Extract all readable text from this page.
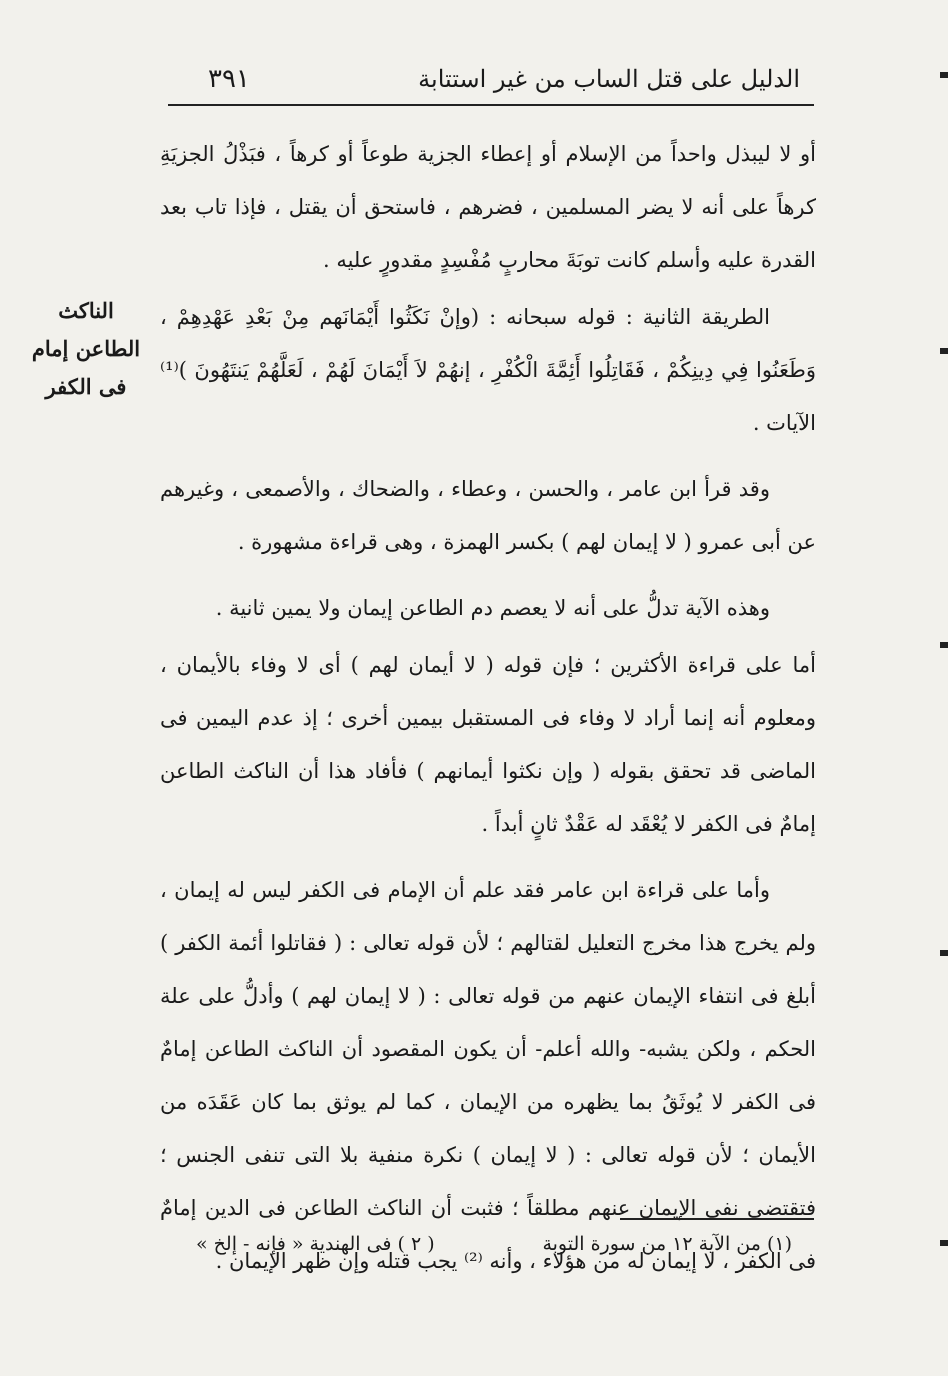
الدليل على قتل الساب من غير استتابة
٣٩١
الناكث
الطاعن إمام
فى الكفر

أو لا ليبذل واحداً من الإسلام أو إعطاء الجزية طوعاً أو كرهاً ، فبَذْلُ الجزيَةِ كرهاً على أنه لا يضر المسلمين ، فضرهم ، فاستحق أن يقتل ، فإذا تاب بعد القدرة عليه وأسلم كانت توبَةَ محاربٍ مُفْسِدٍ مقدورٍ عليه .

الطريقة الثانية : قوله سبحانه : (وإنْ نَكَثُوا أَيْمَانَهم مِنْ بَعْدِ عَهْدِهِمْ ، وَطَعَنُوا فِي دِينِكُمْ ، فَقَاتِلُوا أَئِمَّةَ الْكُفْرِ ، إنهُمْ لاَ أَيْمَانَ لَهُمْ ، لَعَلَّهُمْ يَنتَهُونَ )⁽¹⁾ الآيات .

وقد قرأ ابن عامر ، والحسن ، وعطاء ، والضحاك ، والأصمعى ، وغيرهم عن أبى عمرو ( لا إيمان لهم ) بكسر الهمزة ، وهى قراءة مشهورة .

وهذه الآية تدلُّ على أنه لا يعصم دم الطاعن إيمان ولا يمين ثانية .

أما على قراءة الأكثرين ؛ فإن قوله ( لا أيمان لهم ) أى لا وفاء بالأيمان ، ومعلوم أنه إنما أراد لا وفاء فى المستقبل بيمين أخرى ؛ إذ عدم اليمين فى الماضى قد تحقق بقوله ( وإن نكثوا أيمانهم ) فأفاد هذا أن الناكث الطاعن إمامٌ فى الكفر لا يُعْقَد له عَقْدٌ ثانٍ أبداً .

وأما على قراءة ابن عامر فقد علم أن الإمام فى الكفر ليس له إيمان ، ولم يخرج هذا مخرج التعليل لقتالهم ؛ لأن قوله تعالى : ( فقاتلوا أئمة الكفر ) أبلغ فى انتفاء الإيمان عنهم من قوله تعالى : ( لا إيمان لهم ) وأدلُّ على علة الحكم ، ولكن يشبه- والله أعلم- أن يكون المقصود أن الناكث الطاعن إمامٌ فى الكفر لا يُوثَقُ بما يظهره من الإيمان ، كما لم يوثق بما كان عَقَدَه من الأيمان ؛ لأن قوله تعالى : ( لا إيمان ) نكرة منفية بلا التى تنفى الجنس ؛ فتقتضى نفى الإيمان عنهم مطلقاً ؛ فثبت أن الناكث الطاعن فى الدين إمامٌ فى الكفر ، لا إيمان له من هؤلاء ، وأنه ⁽²⁾ يجب قتله وإن ظهر الإيمان .

(١) من الآية ١٢ من سورة التوبة
( ٢ ) فى الهندية « فإنه - إلخ »
